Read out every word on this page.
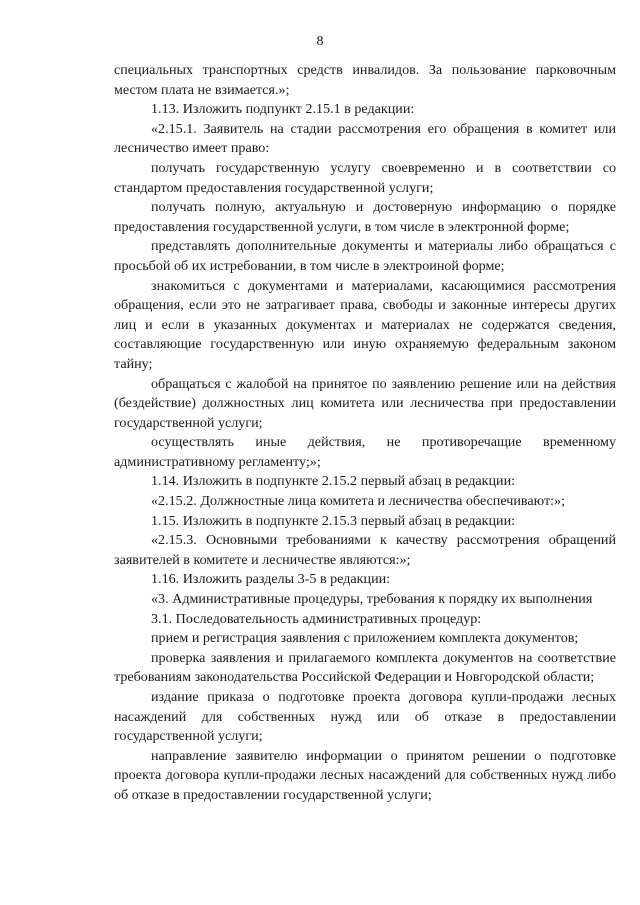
8

специальных транспортных средств инвалидов. За пользование парковочным местом плата не взимается.»;

1.13. Изложить подпункт 2.15.1 в редакции:

«2.15.1. Заявитель на стадии рассмотрения его обращения в комитет или лесничество имеет право:

получать государственную услугу своевременно и в соответствии со стандартом предоставления государственной услуги;

получать полную, актуальную и достоверную информацию о порядке предоставления государственной услуги, в том числе в электронной форме;

представлять дополнительные документы и материалы либо обращаться с просьбой об их истребовании, в том числе в электроиной форме;

знакомиться с документами и материалами, касающимися рассмотрения обращения, если это не затрагивает права, свободы и законные интересы других лиц и если в указанных документах и материалах не содержатся сведения, составляющие государственную или иную охраняемую федеральным законом тайну;

обращаться с жалобой на принятое по заявлению решение или на действия (бездействие) должностных лиц комитета или лесничества при предоставлении государственной услуги;

осуществлять иные действия, не противоречащие временному административному регламенту;»;

1.14. Изложить в подпункте 2.15.2 первый абзац в редакции:

«2.15.2. Должностные лица комитета и лесничества обеспечивают:»;

1.15. Изложить в подпункте 2.15.3 первый абзац в редакции:

«2.15.3. Основными требованиями к качеству рассмотрения обращений заявителей в комитете и лесничестве являются:»;

1.16. Изложить разделы 3-5 в редакции:

«3. Административные процедуры, требования к порядку их выполнения

3.1. Последовательность административных процедур:

прием и регистрация заявления с приложением комплекта документов;

проверка заявления и прилагаемого комплекта документов на соответствие требованиям законодательства Российской Федерации и Новгородской области;

издание приказа о подготовке проекта договора купли-продажи лесных насаждений для собственных нужд или об отказе в предоставлении государственной услуги;

направление заявителю информации о принятом решении о подготовке проекта договора купли-продажи лесных насаждений для собственных нужд либо об отказе в предоставлении государственной услуги;
